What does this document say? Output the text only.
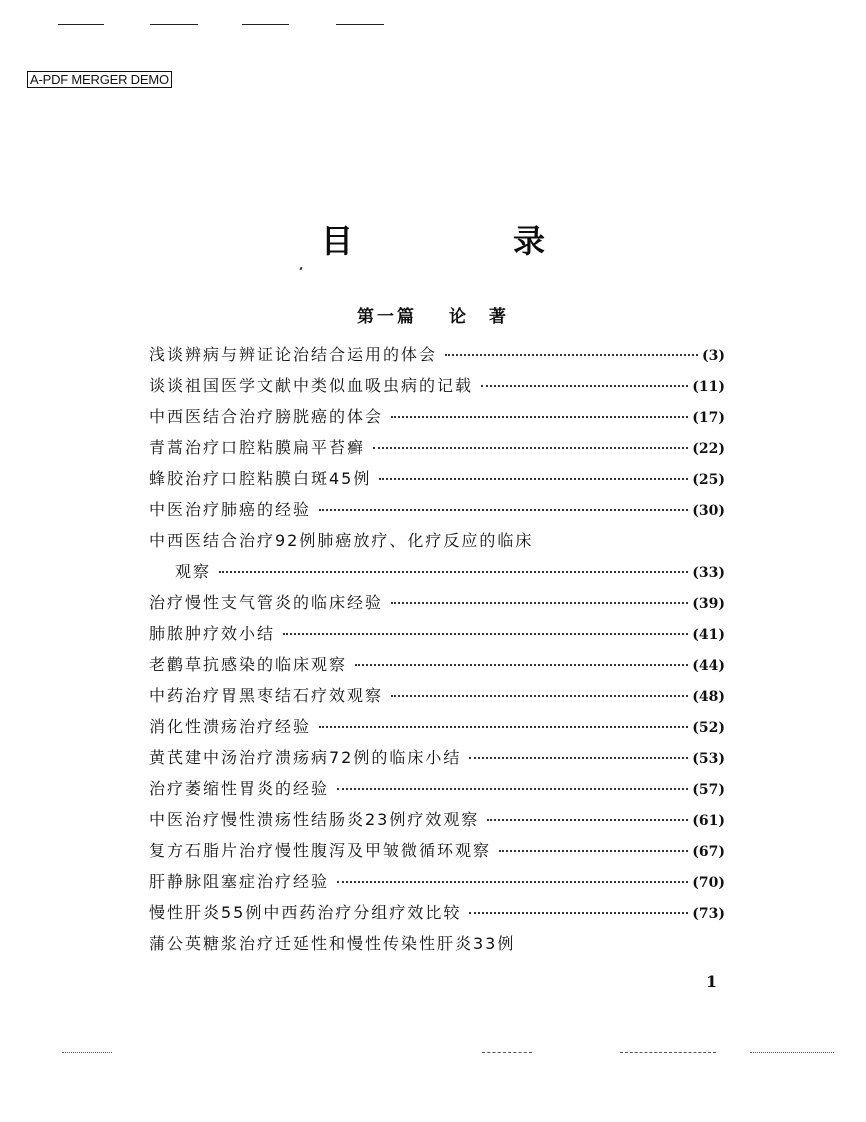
A-PDF MERGER DEMO
目　录
第一篇 论　著
浅谈辨病与辨证论治结合运用的体会	(3)
谈谈祖国医学文献中类似血吸虫病的记载	(11)
中西医结合治疗膀胱癌的体会	(17)
青蒿治疗口腔粘膜扁平苔癣	(22)
蜂胶治疗口腔粘膜白斑45例	(25)
中医治疗肺癌的经验	(30)
中西医结合治疗92例肺癌放疗、化疗反应的临床
观察	(33)
治疗慢性支气管炎的临床经验	(39)
肺脓肿疗效小结	(41)
老鹳草抗感染的临床观察	(44)
中药治疗胃黑枣结石疗效观察	(48)
消化性溃疡治疗经验	(52)
黄芪建中汤治疗溃疡病72例的临床小结	(53)
治疗萎缩性胃炎的经验	(57)
中医治疗慢性溃疡性结肠炎23例疗效观察	(61)
复方石脂片治疗慢性腹泻及甲皱微循环观察	(67)
肝静脉阻塞症治疗经验	(70)
慢性肝炎55例中西药治疗分组疗效比较	(73)
蒲公英糖浆治疗迁延性和慢性传染性肝炎33例
1
